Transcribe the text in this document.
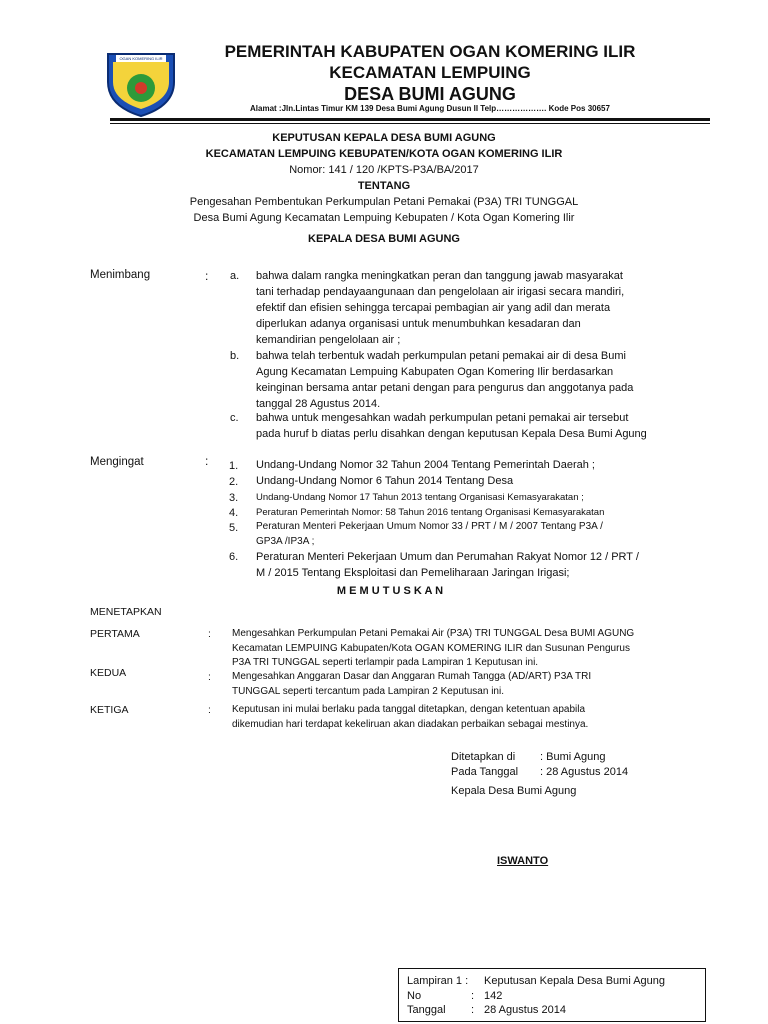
OGAN KOMERING ILIR	PEMERINTAH KABUPATEN OGAN KOMERING ILIR
KECAMATAN LEMPUING
DESA BUMI AGUNG
Alamat :Jln.Lintas Timur KM 139 Desa Bumi Agung Dusun II Telp………………. Kode Pos 30657
KEPUTUSAN KEPALA DESA BUMI AGUNG
KECAMATAN LEMPUING KEBUPATEN/KOTA OGAN KOMERING ILIR
Nomor: 141 / 120 /KPTS-P3A/BA/2017
TENTANG
Pengesahan Pembentukan Perkumpulan Petani Pemakai (P3A) TRI TUNGGAL
Desa Bumi Agung Kecamatan Lempuing Kebupaten / Kota Ogan Komering Ilir
KEPALA DESA BUMI AGUNG
Menimbang	: a. bahwa dalam rangka meningkatkan peran dan tanggung jawab masyarakat
tani terhadap pendayaangunaan dan pengelolaan air irigasi secara mandiri,
efektif dan efisien sehingga tercapai pembagian air yang adil dan merata
diperlukan adanya organisasi untuk menumbuhkan kesadaran dan
kemandirian pengelolaan air ;
b. bahwa telah terbentuk wadah perkumpulan petani pemakai air di desa Bumi
Agung Kecamatan Lempuing Kabupaten Ogan Komering Ilir berdasarkan
keinginan bersama antar petani dengan para pengurus dan anggotanya pada
tanggal 28 Agustus 2014.
c. bahwa untuk mengesahkan wadah perkumpulan petani pemakai air tersebut
pada huruf b diatas perlu disahkan dengan keputusan Kepala Desa Bumi Agung
Mengingat	: 1. Undang-Undang Nomor 32 Tahun 2004 Tentang Pemerintah Daerah ;
2. Undang-Undang Nomor 6 Tahun 2014 Tentang Desa
3. Undang-Undang Nomor 17 Tahun 2013 tentang Organisasi Kemasyarakatan ;
4. Peraturan Pemerintah Nomor: 58 Tahun 2016 tentang Organisasi Kemasyarakatan
5. Peraturan Menteri Pekerjaan Umum Nomor 33 / PRT / M / 2007 Tentang P3A /
GP3A /IP3A ;
6. Peraturan Menteri Pekerjaan Umum dan Perumahan Rakyat Nomor 12 / PRT /
M / 2015 Tentang Eksploitasi dan Pemeliharaan Jaringan Irigasi;
M E M U T U S K A N
MENETAPKAN
PERTAMA	: Mengesahkan Perkumpulan Petani Pemakai Air (P3A) TRI TUNGGAL Desa BUMI AGUNG
Kecamatan LEMPUING Kabupaten/Kota OGAN KOMERING ILIR dan Susunan Pengurus
P3A TRI TUNGGAL seperti terlampir pada Lampiran 1 Keputusan ini.
KEDUA	: Mengesahkan Anggaran Dasar dan Anggaran Rumah Tangga (AD/ART) P3A TRI
TUNGGAL seperti tercantum pada Lampiran 2 Keputusan ini.
KETIGA	: Keputusan ini mulai berlaku pada tanggal ditetapkan, dengan ketentuan apabila
dikemudian hari terdapat kekeliruan akan diadakan perbaikan sebagai mestinya.
Ditetapkan di : Bumi Agung
Pada Tanggal : 28 Agustus 2014
Kepala Desa Bumi Agung
ISWANTO
Lampiran 1 : Keputusan Kepala Desa Bumi Agung
No	: 142
Tanggal : 28 Agustus 2014
